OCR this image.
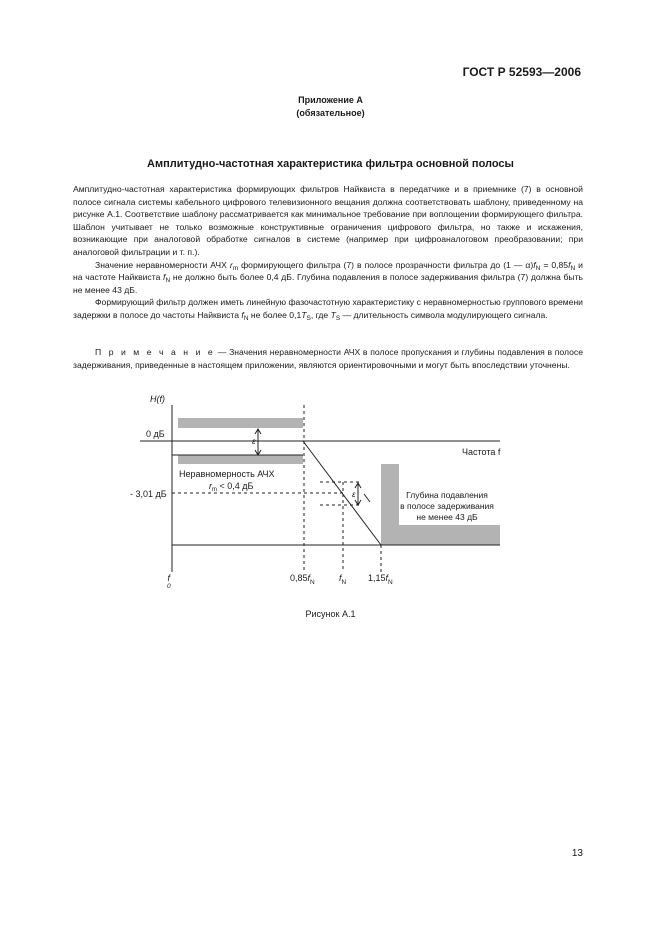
ГОСТ Р 52593—2006
Приложение А
(обязательное)
Амплитудно-частотная характеристика фильтра основной полосы

Амплитудно-частотная характеристика формирующих фильтров Найквиста в передатчике и в приемнике (7) в основной полосе сигнала системы кабельного цифрового телевизионного вещания должна соответствовать шаблону, приведенному на рисунке А.1. Соответствие шаблону рассматривается как минимальное требование при воплощении формирующего фильтра. Шаблон учитывает не только возможные конструктивные ограничения цифрового фильтра, но также и искажения, возникающие при аналоговой обработке сигналов в системе (например при цифроаналоговом преобразовании; при аналоговой фильтрации и т. п.).

Значение неравномерности АЧХ $r_m$ формирующего фильтра (7) в полосе прозрачности фильтра до (1 — $\alpha)f_N = 0,85f_N$ и на частоте Найквиста $f_N$ не должно быть более 0,4 дБ. Глубина подавления в полосе задерживания фильтра (7) должна быть не менее 43 дБ.

Формирующий фильтр должен иметь линейную фазочастотную характеристику с неравномерностью группового времени задержки в полосе до частоты Найквиста $f_N$ не более $0,1T_S$, где $T_S$ — длительность символа модулирующего сигнала.

П р и м е ч а н и е — Значения неравномерности АЧХ в полосе пропускания и глубины подавления в полосе задерживания, приведенные в настоящем приложении, являются ориентировочными и могут быть впоследствии уточнены.

H(f)
Частота f
0 дБ
- 3,01 дБ
Неравномерность АЧХ
$r_m < 0,4$ дБ
ε
ε	Глубина подавления
в полосе задерживания
не менее 43 дБ
f 0
$0,85f_N$	$f_N$ $1,15f_N$
Рисунок А.1
13
